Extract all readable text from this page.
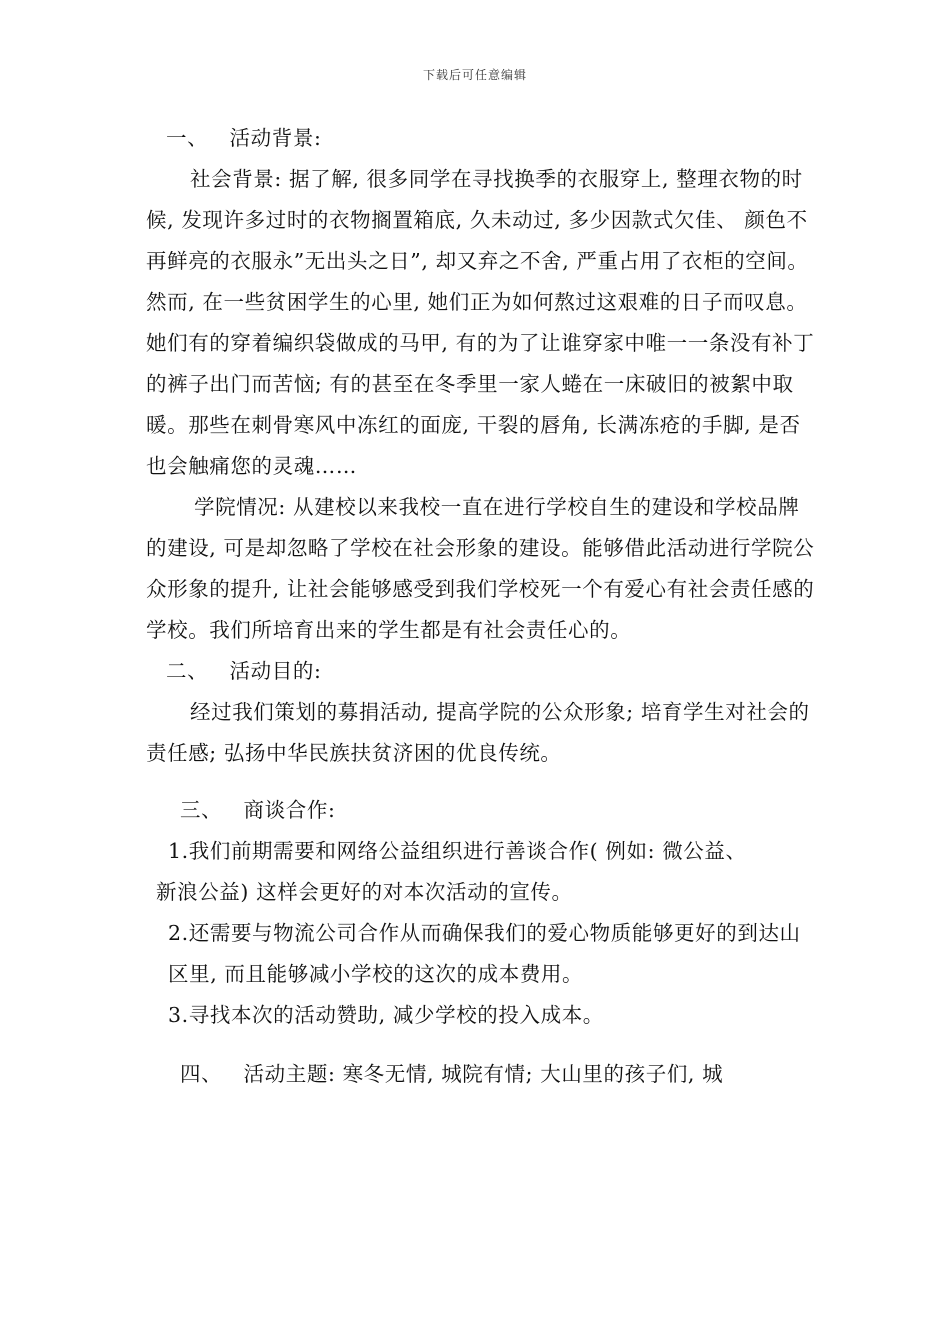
下载后可任意编辑

一、   活动背景:

社会背景: 据了解, 很多同学在寻找换季的衣服穿上, 整理衣物的时候, 发现许多过时的衣物搁置箱底, 久未动过, 多少因款式欠佳、 颜色不再鲜亮的衣服永”无出头之日”, 却又弃之不舍, 严重占用了衣柜的空间。然而, 在一些贫困学生的心里, 她们正为如何熬过这艰难的日子而叹息。她们有的穿着编织袋做成的马甲, 有的为了让谁穿家中唯一一条没有补丁的裤子出门而苦恼; 有的甚至在冬季里一家人蜷在一床破旧的被絮中取暖。那些在刺骨寒风中冻红的面庞, 干裂的唇角, 长满冻疮的手脚, 是否也会触痛您的灵魂……

学院情况: 从建校以来我校一直在进行学校自生的建设和学校品牌的建设, 可是却忽略了学校在社会形象的建设。能够借此活动进行学院公众形象的提升, 让社会能够感受到我们学校死一个有爱心有社会责任感的学校。我们所培育出来的学生都是有社会责任心的。

二、   活动目的:

经过我们策划的募捐活动, 提高学院的公众形象; 培育学生对社会的责任感; 弘扬中华民族扶贫济困的优良传统。

三、   商谈合作:

1.我们前期需要和网络公益组织进行善谈合作( 例如: 微公益、

新浪公益) 这样会更好的对本次活动的宣传。

2.还需要与物流公司合作从而确保我们的爱心物质能够更好的到达山区里, 而且能够减小学校的这次的成本费用。

3.寻找本次的活动赞助, 减少学校的投入成本。

四、   活动主题: 寒冬无情, 城院有情; 大山里的孩子们, 城
